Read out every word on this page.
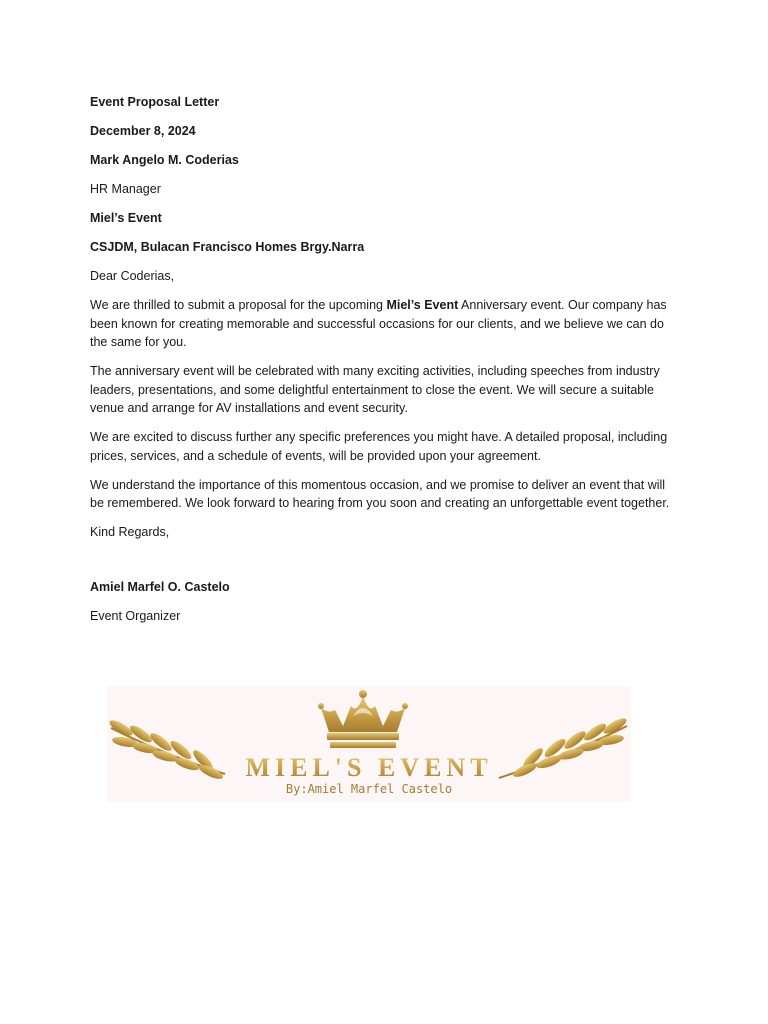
Event Proposal Letter

December 8, 2024

Mark Angelo M. Coderias

HR Manager

Miel’s Event

CSJDM, Bulacan Francisco Homes Brgy.Narra

Dear Coderias,

We are thrilled to submit a proposal for the upcoming Miel’s Event Anniversary event. Our company has been known for creating memorable and successful occasions for our clients, and we believe we can do the same for you.

The anniversary event will be celebrated with many exciting activities, including speeches from industry leaders, presentations, and some delightful entertainment to close the event. We will secure a suitable venue and arrange for AV installations and event security.

We are excited to discuss further any specific preferences you might have. A detailed proposal, including prices, services, and a schedule of events, will be provided upon your agreement.

We understand the importance of this momentous occasion, and we promise to deliver an event that will be remembered. We look forward to hearing from you soon and creating an unforgettable event together.

Kind Regards,

Amiel Marfel O. Castelo

Event Organizer

MIEL'S EVENT
By:Amiel Marfel Castelo
